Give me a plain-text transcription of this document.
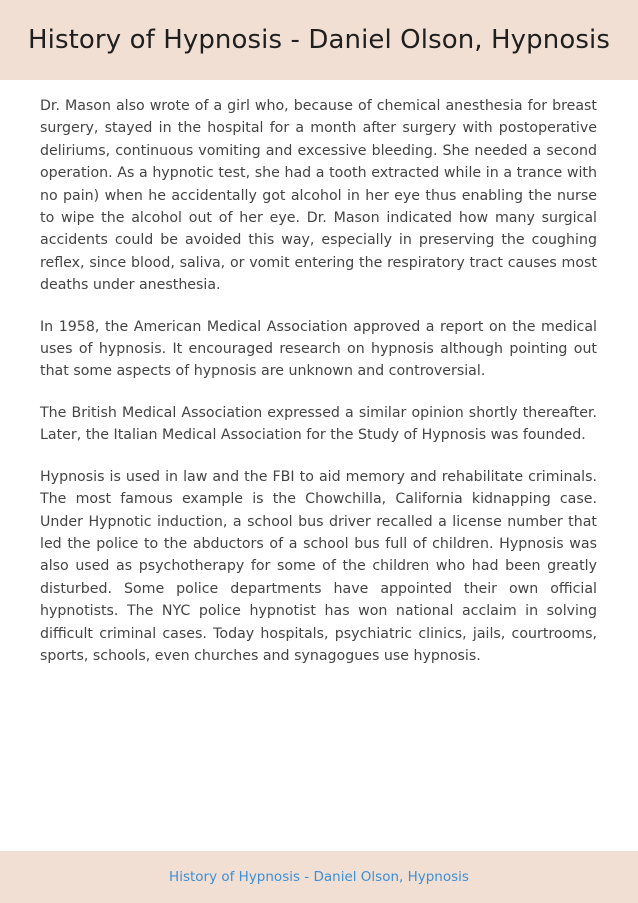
History of Hypnosis - Daniel Olson, Hypnosis

Dr. Mason also wrote of a girl who, because of chemical anesthesia for breast surgery, stayed in the hospital for a month after surgery with postoperative deliriums, continuous vomiting and excessive bleeding. She needed a second operation. As a hypnotic test, she had a tooth extracted while in a trance with no pain) when he accidentally got alcohol in her eye thus enabling the nurse to wipe the alcohol out of her eye. Dr. Mason indicated how many surgical accidents could be avoided this way, especially in preserving the coughing reflex, since blood, saliva, or vomit entering the respiratory tract causes most deaths under anesthesia.

In 1958, the American Medical Association approved a report on the medical uses of hypnosis. It encouraged research on hypnosis although pointing out that some aspects of hypnosis are unknown and controversial.

The British Medical Association expressed a similar opinion shortly thereafter. Later, the Italian Medical Association for the Study of Hypnosis was founded.

Hypnosis is used in law and the FBI to aid memory and rehabilitate criminals. The most famous example is the Chowchilla, California kidnapping case. Under Hypnotic induction, a school bus driver recalled a license number that led the police to the abductors of a school bus full of children. Hypnosis was also used as psychotherapy for some of the children who had been greatly disturbed. Some police departments have appointed their own official hypnotists. The NYC police hypnotist has won national acclaim in solving difficult criminal cases. Today hospitals, psychiatric clinics, jails, courtrooms, sports, schools, even churches and synagogues use hypnosis.

History of Hypnosis - Daniel Olson, Hypnosis
